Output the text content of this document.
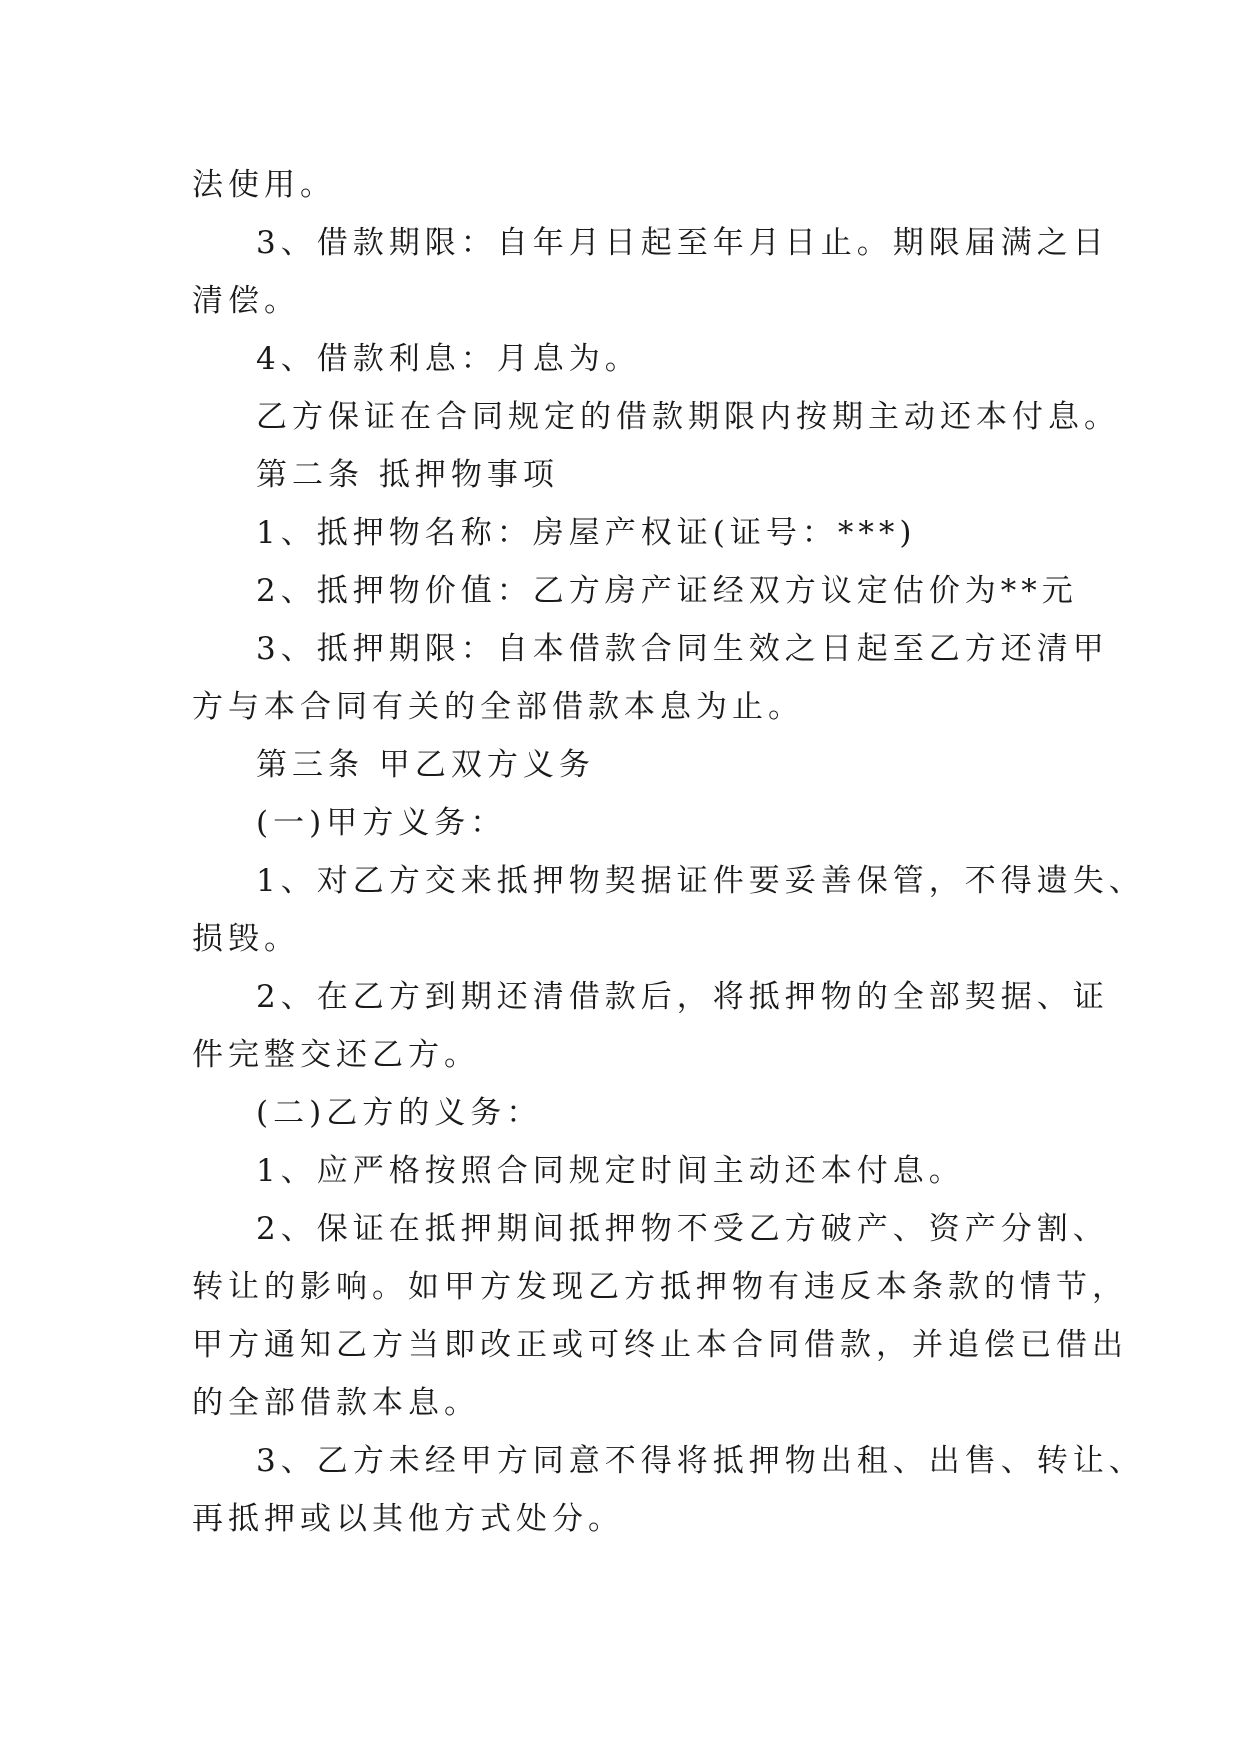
法使用。
3、借款期限：自年月日起至年月日止。期限届满之日
清偿。
4、借款利息：月息为。
乙方保证在合同规定的借款期限内按期主动还本付息。
第二条 抵押物事项
1、抵押物名称：房屋产权证(证号：***)
2、抵押物价值：乙方房产证经双方议定估价为**元
3、抵押期限：自本借款合同生效之日起至乙方还清甲
方与本合同有关的全部借款本息为止。
第三条 甲乙双方义务
(一)甲方义务：
1、对乙方交来抵押物契据证件要妥善保管，不得遗失、
损毁。
2、在乙方到期还清借款后，将抵押物的全部契据、证
件完整交还乙方。
(二)乙方的义务：
1、应严格按照合同规定时间主动还本付息。
2、保证在抵押期间抵押物不受乙方破产、资产分割、
转让的影响。如甲方发现乙方抵押物有违反本条款的情节，
甲方通知乙方当即改正或可终止本合同借款，并追偿已借出
的全部借款本息。
3、乙方未经甲方同意不得将抵押物出租、出售、转让、
再抵押或以其他方式处分。
